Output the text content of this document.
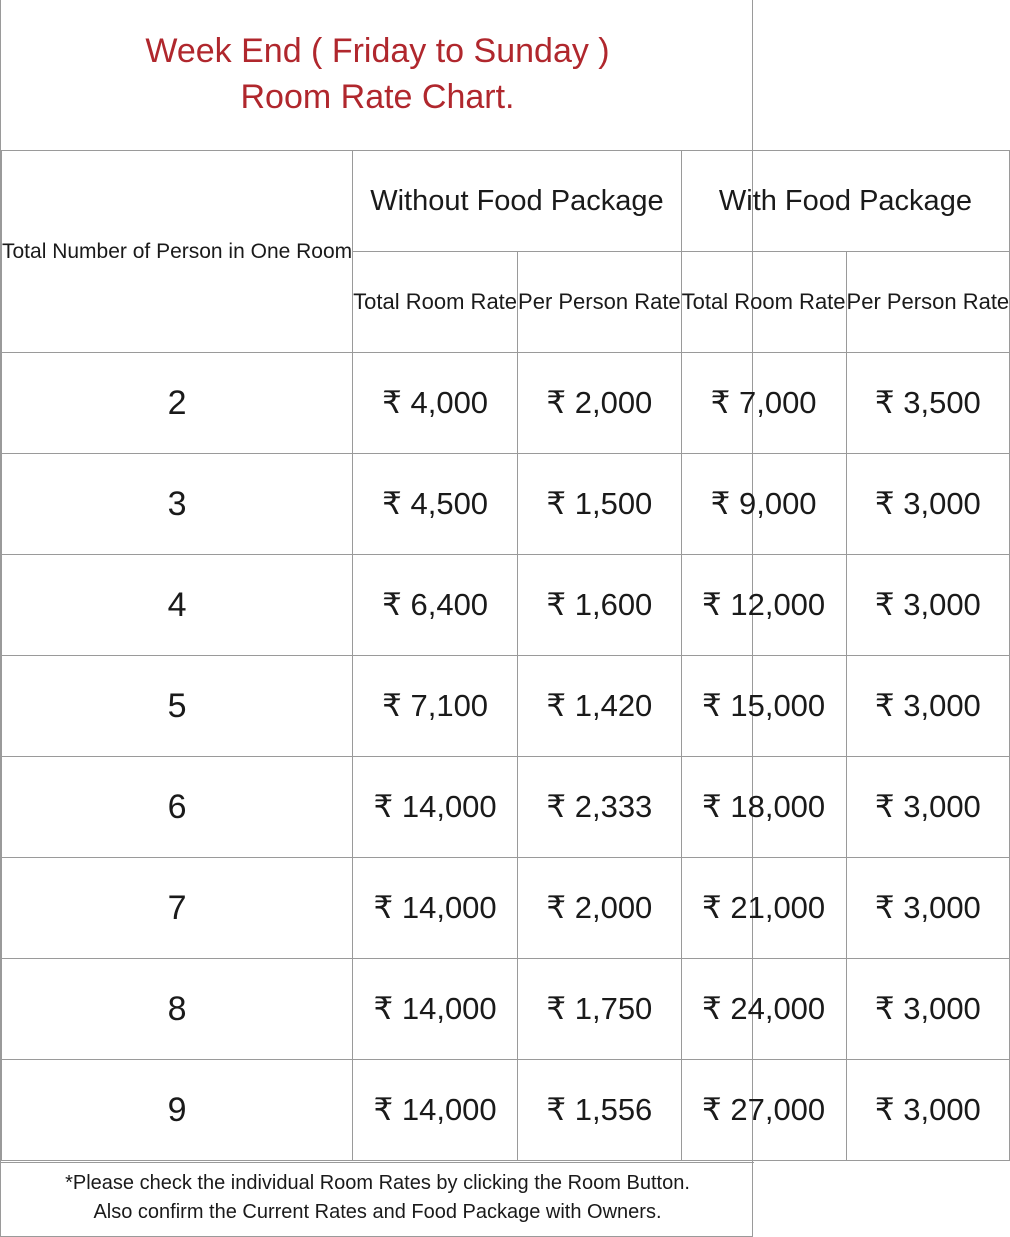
Week End ( Friday to Sunday )
Room Rate Chart.
Total Number of Person in One Room	Without Food Package		With Food Package	
	Total Room Rate	Per Person Rate	Total Room Rate	Per Person Rate
2	₹ 4,000	₹ 2,000	₹ 7,000	₹ 3,500
3	₹ 4,500	₹ 1,500	₹ 9,000	₹ 3,000
4	₹ 6,400	₹ 1,600	₹ 12,000	₹ 3,000
5	₹ 7,100	₹ 1,420	₹ 15,000	₹ 3,000
6	₹ 14,000	₹ 2,333	₹ 18,000	₹ 3,000
7	₹ 14,000	₹ 2,000	₹ 21,000	₹ 3,000
8	₹ 14,000	₹ 1,750	₹ 24,000	₹ 3,000
9	₹ 14,000	₹ 1,556	₹ 27,000	₹ 3,000
*Please check the individual Room Rates by clicking the Room Button.
Also confirm the Current Rates and Food Package with Owners.
